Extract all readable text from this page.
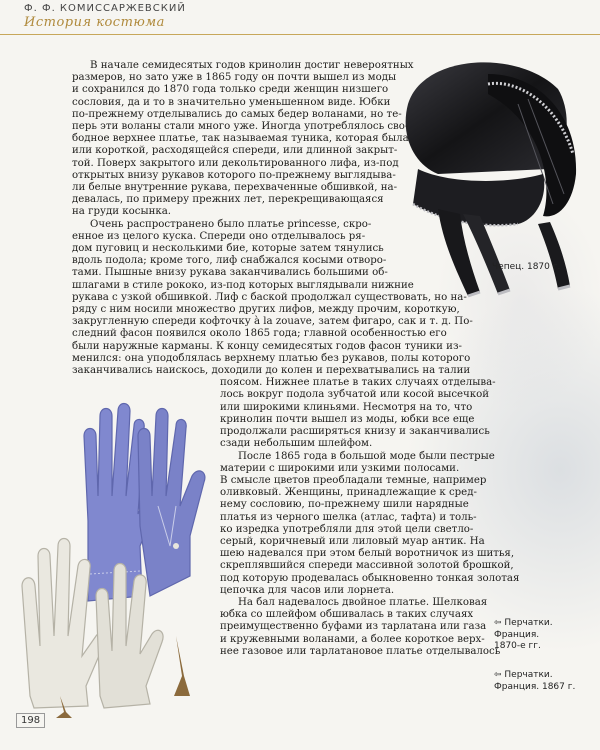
Ф. Ф. КОМИССАРЖЕВСКИЙ
История костюма
Чепец. 1870 г.
В начале семидесятых годов кринолин достиг невероятных
размеров, но зато уже в 1865 году он почти вышел из моды
и сохранился до 1870 года только среди женщин низшего
сословия, да и то в значительно уменьшенном виде. Юбки
по-прежнему отделывались до самых бедер воланами, но те-
перь эти воланы стали много уже. Иногда употреблялось сво-
бодное верхнее платье, так называемая туника, которая была
или короткой, расходящейся спереди, или длинной закрыт-
той. Поверх закрытого или декольтированного лифа, из-под
открытых внизу рукавов которого по-прежнему выглядыва-
ли белые внутренние рукава, перехваченные обшивкой, на-
девалась, по примеру прежних лет, перекрещивающаяся
на груди косынка.
Очень распространено было платье princesse, скро-
енное из целого куска. Спереди оно отделывалось ря-
дом пуговиц и несколькими бие, которые затем тянулись
вдоль подола; кроме того, лиф снабжался косыми отворо-
тами. Пышные внизу рукава заканчивались большими об-
шлагами в стиле рококо, из-под которых выглядывали нижние
рукава с узкой обшивкой. Лиф с баской продолжал существовать, но на-
ряду с ним носили множество других лифов, между прочим, короткую,
закругленную спереди кофточку à la zouave, затем фигаро, сак и т. д. По-
следний фасон появился около 1865 года; главной особенностью его
были наружные карманы. К концу семидесятых годов фасон туники из-
менился: она уподоблялась верхнему платью без рукавов, полы которого
заканчивались наискось, доходили до колен и перехватывались на талии
поясом. Нижнее платье в таких случаях отделыва-
лось вокруг подола зубчатой или косой высечкой
или широкими клиньями. Несмотря на то, что
кринолин почти вышел из моды, юбки все еще
продолжали расширяться книзу и заканчивались
сзади небольшим шлейфом.
После 1865 года в большой моде были пестрые
материи с широкими или узкими полосами.
В смысле цветов преобладали темные, например
оливковый. Женщины, принадлежащие к сред-
нему сословию, по-прежнему шили нарядные
платья из черного шелка (атлас, тафта) и толь-
ко изредка употребляли для этой цели светло-
серый, коричневый или лиловый муар антик. На
шею надевался при этом белый воротничок из шитья,
скреплявшийся спереди массивной золотой брошкой,
под которую продевалась обыкновенно тонкая золотая
цепочка для часов или лорнета.
На бал надевалось двойное платье. Шелковая
юбка со шлейфом обшивалась в таких случаях
преимущественно буфами из тарлатана или газа
и кружевными воланами, а более короткое верх-
нее газовое или тарлатановое платье отделывалось
⇦ Перчатки.
Франция.
1870-е гг.
⇦ Перчатки.
Франция. 1867 г.
198
